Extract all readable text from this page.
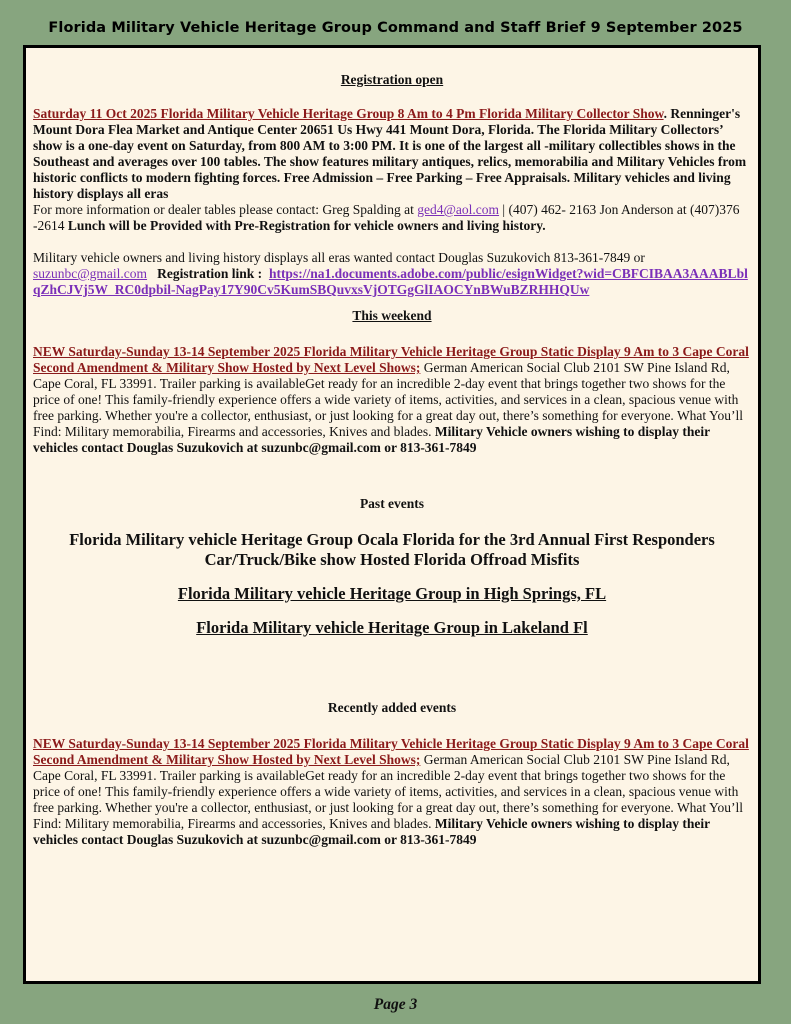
Florida Military Vehicle Heritage Group Command and Staff Brief 9 September 2025
Registration open

Saturday 11 Oct 2025 Florida Military Vehicle Heritage Group 8 Am to 4 Pm Florida Military Collector Show. Renninger's Mount Dora Flea Market and Antique Center 20651 Us Hwy 441 Mount Dora, Florida. The Florida Military Collectors’ show is a one-day event on Saturday, from 800 AM to 3:00 PM. It is one of the largest all -military collectibles shows in the Southeast and averages over 100 tables. The show features military antiques, relics, memorabilia and Military Vehicles from historic conflicts to modern fighting forces. Free Admission – Free Parking – Free Appraisals. Military vehicles and living history displays all eras

For more information or dealer tables please contact: Greg Spalding at ged4@aol.com | (407) 462- 2163 Jon Anderson at (407)376 -2614 Lunch will be Provided with Pre-Registration for vehicle owners and living history.

Military vehicle owners and living history displays all eras wanted contact Douglas Suzukovich 813-361-7849 or suzunbc@gmail.com Registration link : https://na1.documents.adobe.com/public/esignWidget?wid=CBFCIBAA3AAABLblqZhCJVj5W_RC0dpbil-NagPay17Y90Cv5KumSBQuvxsVjOTGgGlIAOCYnBWuBZRHHQUw

This weekend

NEW Saturday-Sunday 13-14 September 2025 Florida Military Vehicle Heritage Group Static Display 9 Am to 3 Cape Coral Second Amendment & Military Show Hosted by Next Level Shows; German American Social Club 2101 SW Pine Island Rd, Cape Coral, FL 33991. Trailer parking is availableGet ready for an incredible 2-day event that brings together two shows for the price of one! This family-friendly experience offers a wide variety of items, activities, and services in a clean, spacious venue with free parking. Whether you're a collector, enthusiast, or just looking for a great day out, there’s something for everyone. What You’ll Find: Military memorabilia, Firearms and accessories, Knives and blades. Military Vehicle owners wishing to display their vehicles contact Douglas Suzukovich at suzunbc@gmail.com or 813-361-7849

Past events

Florida Military vehicle Heritage Group Ocala Florida for the 3rd Annual First Responders Car/Truck/Bike show Hosted Florida Offroad Misfits

Florida Military vehicle Heritage Group in High Springs, FL

Florida Military vehicle Heritage Group in Lakeland Fl

Recently added events

NEW Saturday-Sunday 13-14 September 2025 Florida Military Vehicle Heritage Group Static Display 9 Am to 3 Cape Coral Second Amendment & Military Show Hosted by Next Level Shows; German American Social Club 2101 SW Pine Island Rd, Cape Coral, FL 33991. Trailer parking is availableGet ready for an incredible 2-day event that brings together two shows for the price of one! This family-friendly experience offers a wide variety of items, activities, and services in a clean, spacious venue with free parking. Whether you're a collector, enthusiast, or just looking for a great day out, there’s something for everyone. What You’ll Find: Military memorabilia, Firearms and accessories, Knives and blades. Military Vehicle owners wishing to display their vehicles contact Douglas Suzukovich at suzunbc@gmail.com or 813-361-7849

Page 3
